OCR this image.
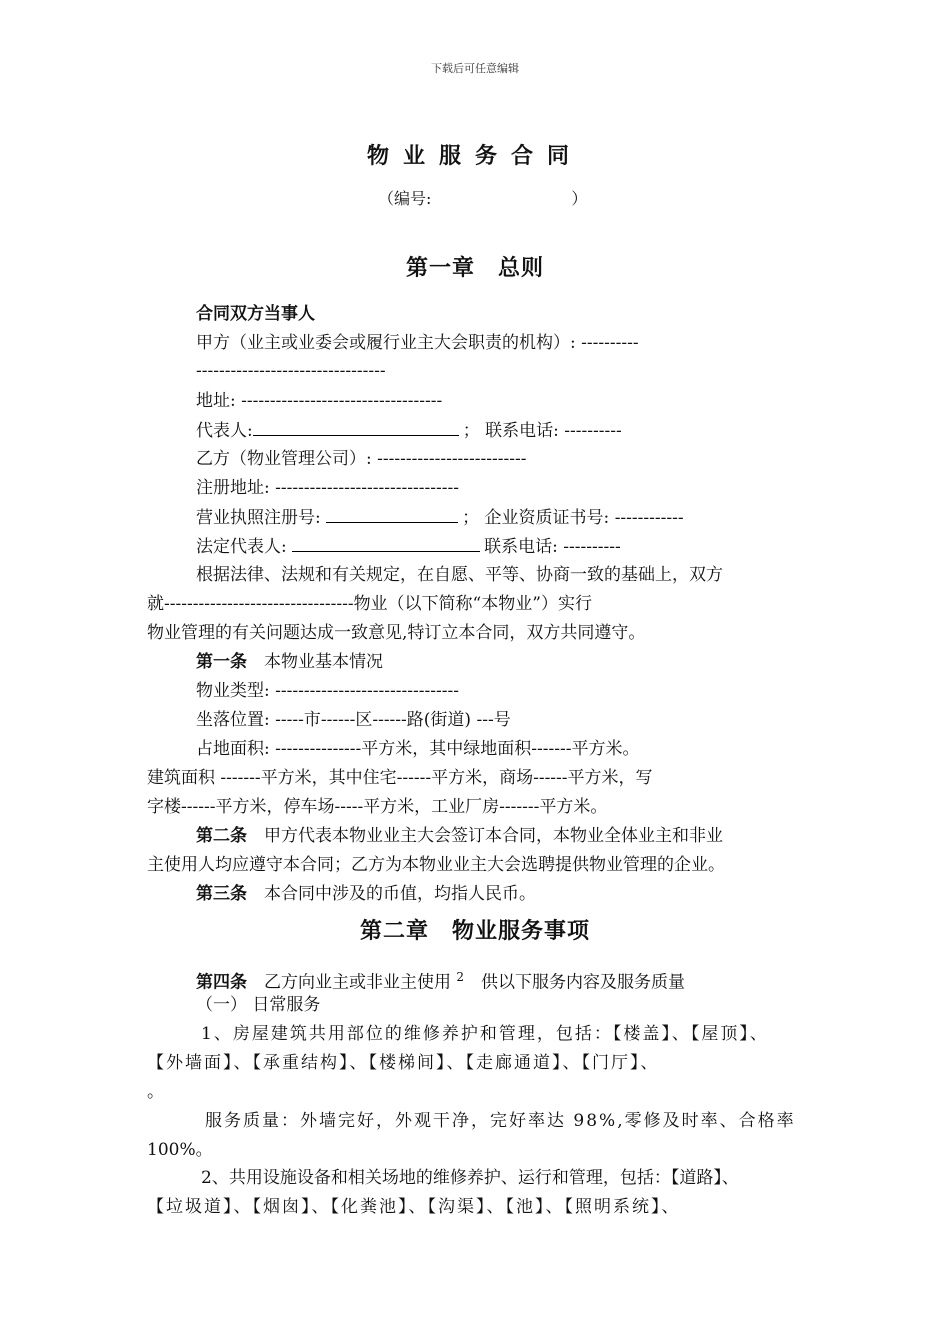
下载后可任意编辑
物业服务合同
（编号:	）
第一章　总则
合同双方当事人
甲方（业主或业委会或履行业主大会职责的机构）: ----------
---------------------------------
地址: -----------------------------------
代表人:	； 联系电话: ----------
乙方（物业管理公司）: --------------------------
注册地址: --------------------------------
营业执照注册号:	； 企业资质证书号: ------------
法定代表人:	联系电话: ----------
根据法律、法规和有关规定，在自愿、平等、协商一致的基础上，双方
就---------------------------------物业（以下简称“本物业”）实行
物业管理的有关问题达成一致意见,特订立本合同，双方共同遵守。
第一条　 本物业基本情况
物业类型: --------------------------------
坐落位置: -----市------区------路(街道) ---号
占地面积: ---------------平方米，其中绿地面积-------平方米。
建筑面积 -------平方米，其中住宅------平方米，商场------平方米，写
字楼------平方米，停车场-----平方米，工业厂房-------平方米。
第二条　 甲方代表本物业业主大会签订本合同，本物业全体业主和非业
主使用人均应遵守本合同；乙方为本物业业主大会选聘提供物业管理的企业。
第三条　 本合同中涉及的币值，均指人民币。
第二章　物业服务事项
第四条　 乙方向业主或非业主使用 $^2$　 供以下服务内容及服务质量
（一） 日常服务
1、房屋建筑共用部位的维修养护和管理，包括：【楼盖】、【屋顶】、
【外墙面】、【承重结构】、【楼梯间】、【走廊通道】、【门厅】、
。
服务质量：外墙完好，外观干净，完好率达 98%,零修及时率、合格率
100%。
2、共用设施设备和相关场地的维修养护、运行和管理，包括：【道路】、
【垃圾道】、【烟囱】、【化粪池】、【沟渠】、【池】、【照明系统】、
